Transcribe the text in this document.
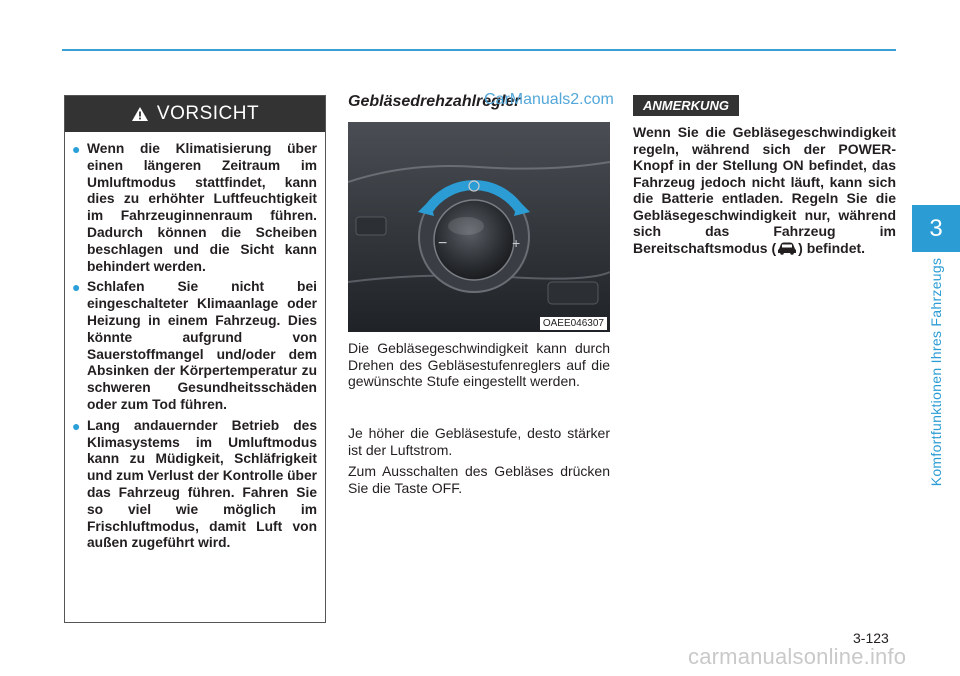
VORSICHT
● Wenn die Klimatisierung über einen längeren Zeitraum im Umluftmodus stattfindet, kann dies zu erhöhter Luftfeuchtigkeit im Fahrzeuginnenraum führen. Dadurch können die Scheiben beschlagen und die Sicht kann behindert werden.
● Schlafen Sie nicht bei eingeschalteter Klimaanlage oder Heizung in einem Fahrzeug. Dies könnte aufgrund von Sauerstoffmangel und/oder dem Absinken der Körpertemperatur zu schweren Gesundheitsschäden oder zum Tod führen.
● Lang andauernder Betrieb des Klimasystems im Umluftmodus kann zu Müdigkeit, Schläfrigkeit und zum Verlust der Kontrolle über das Fahrzeug führen. Fahren Sie so viel wie möglich im Frischluftmodus, damit Luft von außen zugeführt wird.
Gebläsedrehzahlregler
CarManuals2.com
−	+
OAEE046307

Die Gebläsegeschwindigkeit kann durch Drehen des Gebläsestufenreglers auf die gewünschte Stufe eingestellt werden.

Je höher die Gebläsestufe, desto stärker ist der Luftstrom.

Zum Ausschalten des Gebläses drücken Sie die Taste OFF.

ANMERKUNG

Wenn Sie die Gebläsegeschwindigkeit regeln, während sich der POWER-Knopf in der Stellung ON befindet, das Fahrzeug jedoch nicht läuft, kann sich die Batterie entladen. Regeln Sie die Gebläsegeschwindigkeit nur, während sich das Fahrzeug im Bereitschaftsmodus ( ) befindet.

3
Komfortfunktionen Ihres Fahrzeugs
3-123
carmanualsonline.info
